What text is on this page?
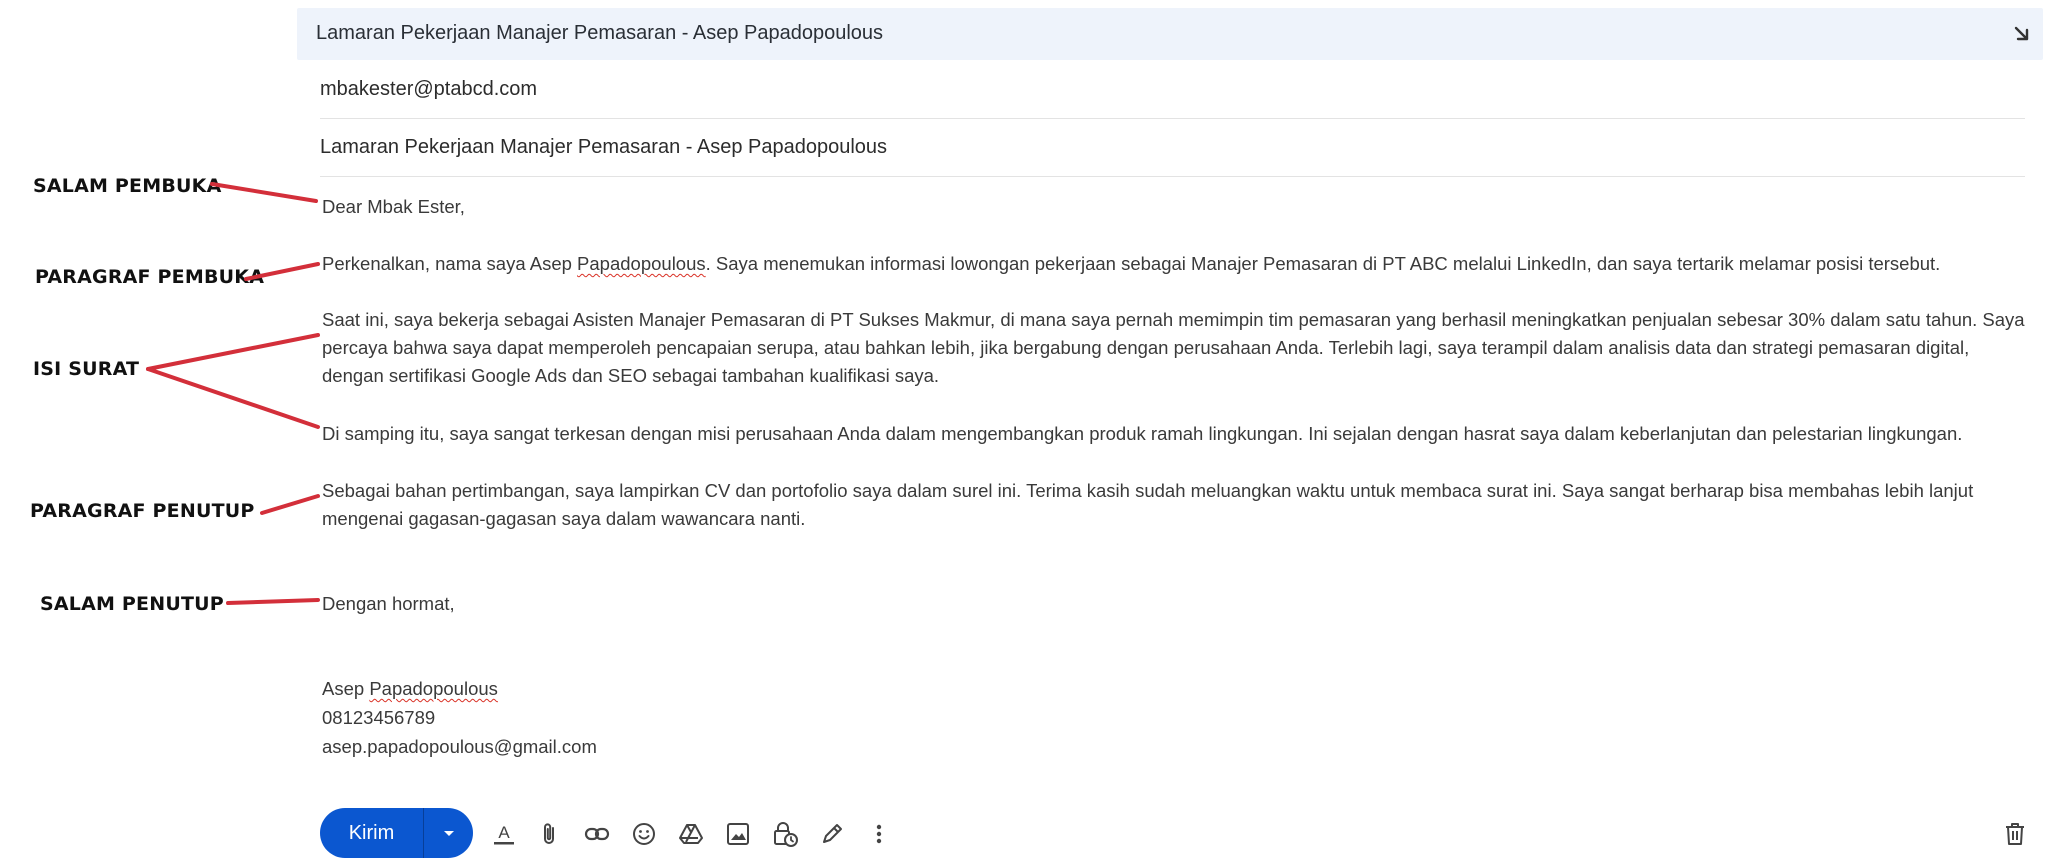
Lamaran Pekerjaan Manajer Pemasaran - Asep Papadopoulous
mbakester@ptabcd.com
Lamaran Pekerjaan Manajer Pemasaran - Asep Papadopoulous

Dear Mbak Ester,

Perkenalkan, nama saya Asep Papadopoulous. Saya menemukan informasi lowongan pekerjaan sebagai Manajer Pemasaran di PT ABC melalui LinkedIn, dan saya tertarik melamar posisi tersebut.

Saat ini, saya bekerja sebagai Asisten Manajer Pemasaran di PT Sukses Makmur, di mana saya pernah memimpin tim pemasaran yang berhasil meningkatkan penjualan sebesar 30% dalam satu tahun. Saya percaya bahwa saya dapat memperoleh pencapaian serupa, atau bahkan lebih, jika bergabung dengan perusahaan Anda. Terlebih lagi, saya terampil dalam analisis data dan strategi pemasaran digital, dengan sertifikasi Google Ads dan SEO sebagai tambahan kualifikasi saya.

Di samping itu, saya sangat terkesan dengan misi perusahaan Anda dalam mengembangkan produk ramah lingkungan. Ini sejalan dengan hasrat saya dalam keberlanjutan dan pelestarian lingkungan.

Sebagai bahan pertimbangan, saya lampirkan CV dan portofolio saya dalam surel ini. Terima kasih sudah meluangkan waktu untuk membaca surat ini. Saya sangat berharap bisa membahas lebih lanjut mengenai gagasan-gagasan saya dalam wawancara nanti.

Dengan hormat,

Asep Papadopoulous

08123456789

asep.papadopoulous@gmail.com

SALAM PEMBUKA
PARAGRAF PEMBUKA
ISI SURAT
PARAGRAF PENUTUP
SALAM PENUTUP
Kirim	A
